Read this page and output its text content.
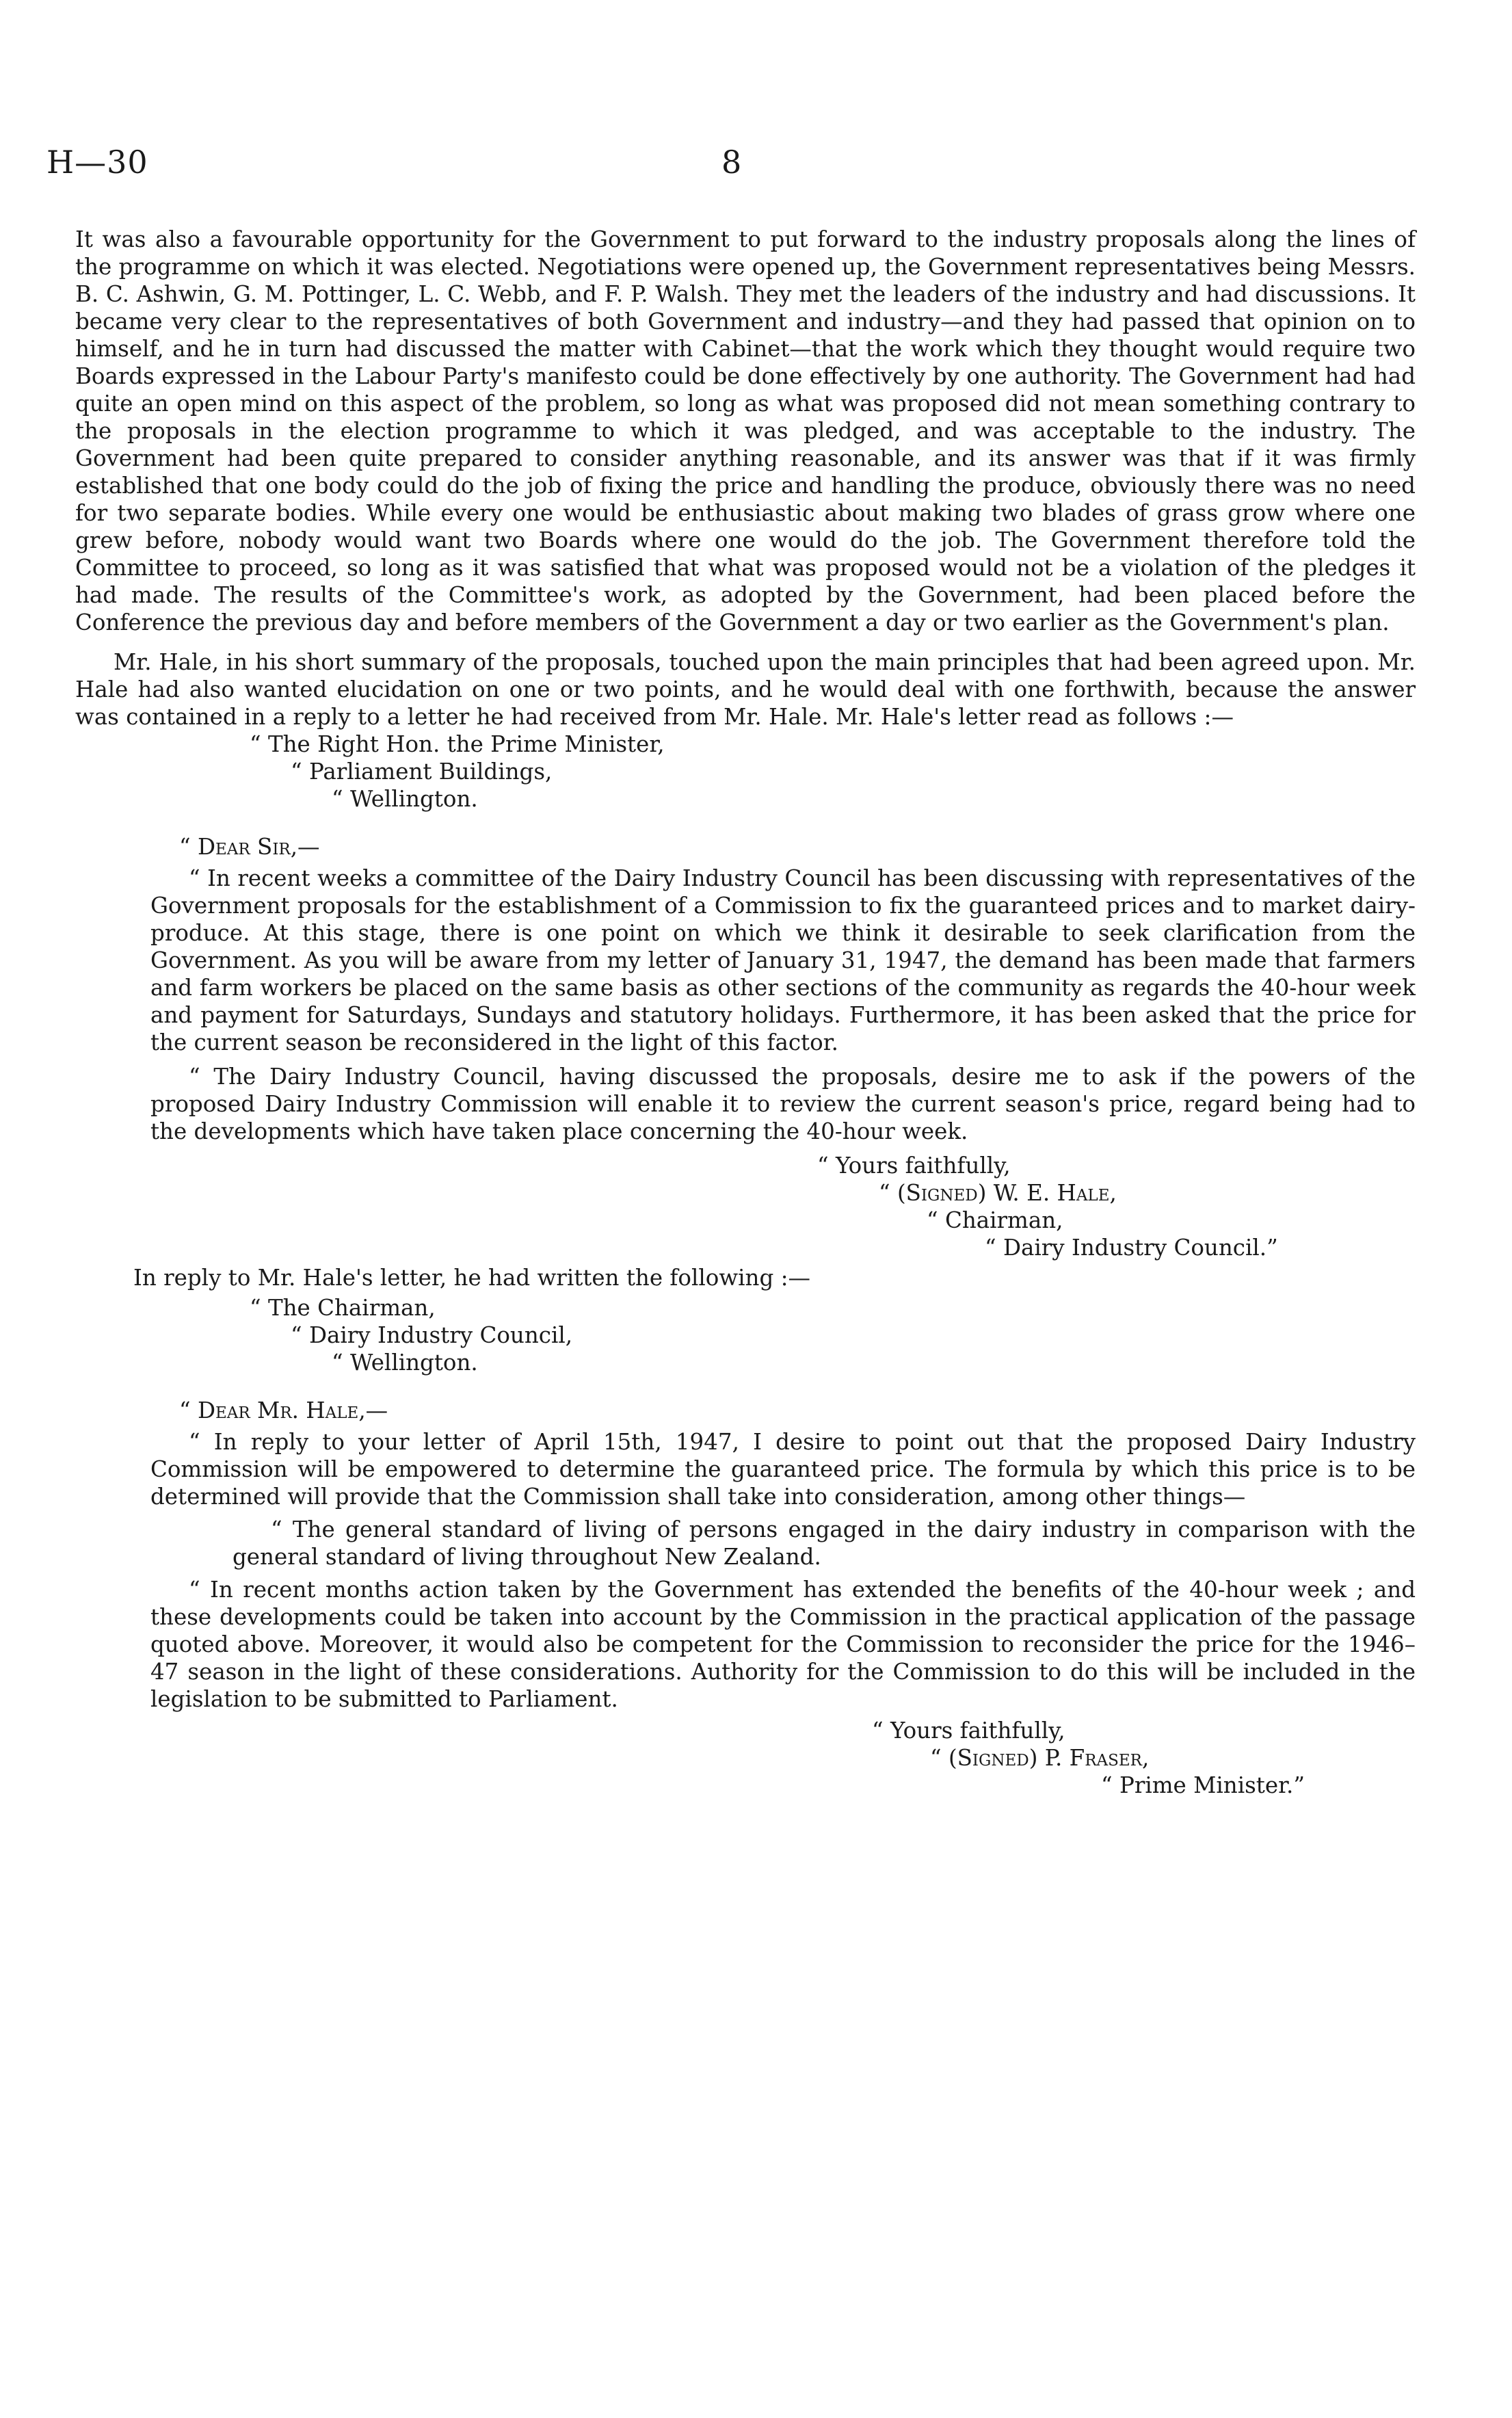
H—30	8

It was also a favourable opportunity for the Government to put forward to the industry proposals along the lines of the programme on which it was elected. Negotiations were opened up, the Government representatives being Messrs. B. C. Ashwin, G. M. Pottinger, L. C. Webb, and F. P. Walsh. They met the leaders of the industry and had discussions. It became very clear to the representatives of both Government and industry—and they had passed that opinion on to himself, and he in turn had discussed the matter with Cabinet—that the work which they thought would require two Boards expressed in the Labour Party's manifesto could be done effectively by one authority. The Government had had quite an open mind on this aspect of the problem, so long as what was proposed did not mean something contrary to the proposals in the election programme to which it was pledged, and was acceptable to the industry. The Government had been quite prepared to consider anything reasonable, and its answer was that if it was firmly established that one body could do the job of fixing the price and handling the produce, obviously there was no need for two separate bodies. While every one would be enthusiastic about making two blades of grass grow where one grew before, nobody would want two Boards where one would do the job. The Government therefore told the Committee to proceed, so long as it was satisfied that what was proposed would not be a violation of the pledges it had made. The results of the Committee's work, as adopted by the Government, had been placed before the Conference the previous day and before members of the Government a day or two earlier as the Government's plan.

Mr. Hale, in his short summary of the proposals, touched upon the main principles that had been agreed upon. Mr. Hale had also wanted elucidation on one or two points, and he would deal with one forthwith, because the answer was contained in a reply to a letter he had received from Mr. Hale. Mr. Hale's letter read as follows :—

“ The Right Hon. the Prime Minister,
“ Parliament Buildings,
“ Wellington.
“ Dear Sir,—

“ In recent weeks a committee of the Dairy Industry Council has been discussing with representatives of the Government proposals for the establishment of a Commission to fix the guaranteed prices and to market dairy-produce. At this stage, there is one point on which we think it desirable to seek clarification from the Government. As you will be aware from my letter of January 31, 1947, the demand has been made that farmers and farm workers be placed on the same basis as other sections of the community as regards the 40-hour week and payment for Saturdays, Sundays and statutory holidays. Furthermore, it has been asked that the price for the current season be reconsidered in the light of this factor.

“ The Dairy Industry Council, having discussed the proposals, desire me to ask if the powers of the proposed Dairy Industry Commission will enable it to review the current season's price, regard being had to the developments which have taken place concerning the 40-hour week.

“ Yours faithfully,
“ (Signed) W. E. Hale,
“ Chairman,
“ Dairy Industry Council.”

In reply to Mr. Hale's letter, he had written the following :—

“ The Chairman,
“ Dairy Industry Council,
“ Wellington.
“ Dear Mr. Hale,—

“ In reply to your letter of April 15th, 1947, I desire to point out that the proposed Dairy Industry Commission will be empowered to determine the guaranteed price. The formula by which this price is to be determined will provide that the Commission shall take into consideration, among other things—

“ The general standard of living of persons engaged in the dairy industry in comparison with the general standard of living throughout New Zealand.

“ In recent months action taken by the Government has extended the benefits of the 40-hour week ; and these developments could be taken into account by the Commission in the practical application of the passage quoted above. Moreover, it would also be competent for the Commission to reconsider the price for the 1946–47 season in the light of these considerations. Authority for the Commission to do this will be included in the legislation to be submitted to Parliament.

“ Yours faithfully,
“ (Signed) P. Fraser,
“ Prime Minister.”
